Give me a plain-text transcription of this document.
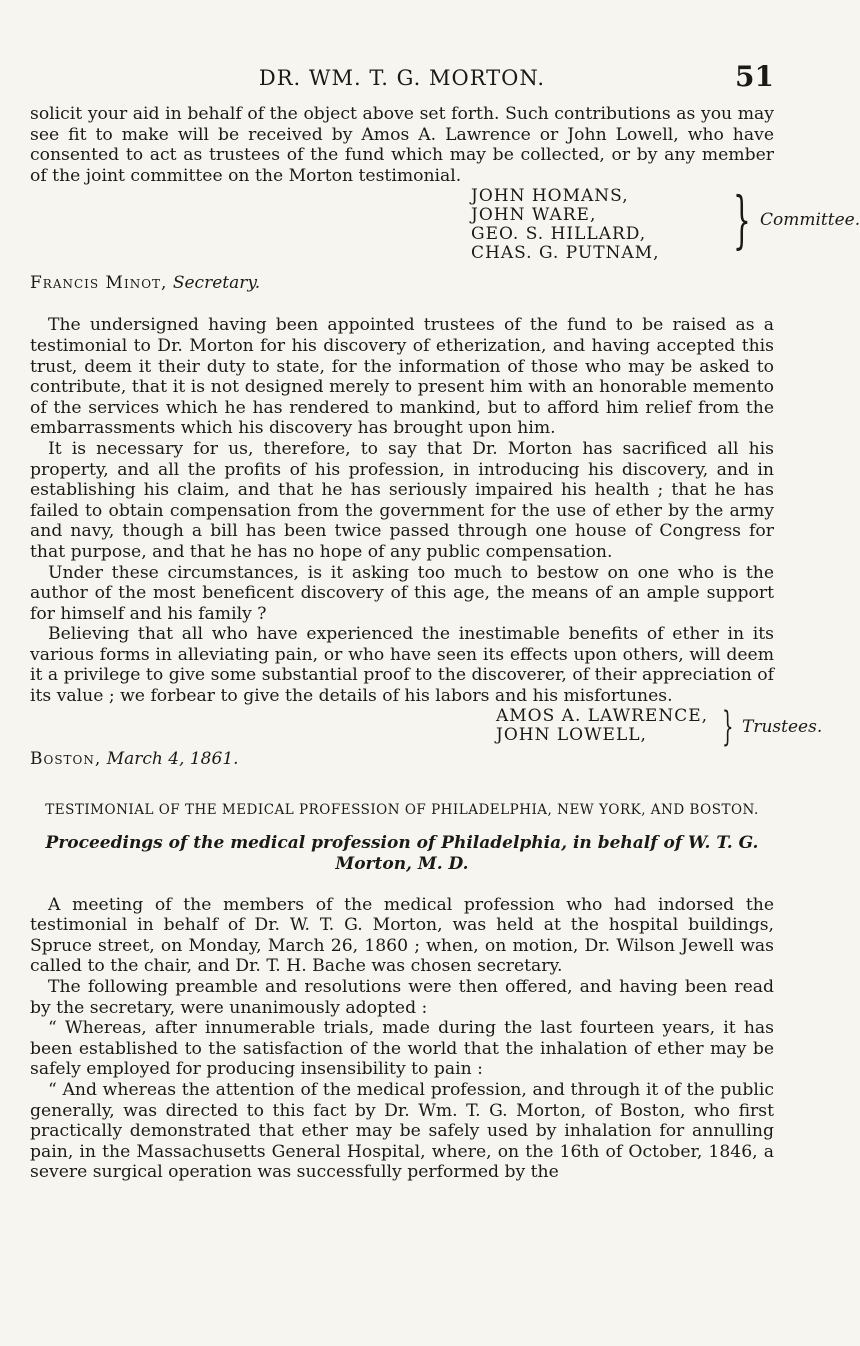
DR. WM. T. G. MORTON.	51

solicit your aid in behalf of the object above set forth. Such contributions as you may see fit to make will be received by Amos A. Lawrence or John Lowell, who have consented to act as trustees of the fund which may be collected, or by any member of the joint committee on the Morton testimonial.

JOHN HOMANS,
JOHN WARE,
GEO. S. HILLARD,
CHAS. G. PUTNAM, } Committee.
Francis Minot, Secretary.

The undersigned having been appointed trustees of the fund to be raised as a testimonial to Dr. Morton for his discovery of etherization, and having accepted this trust, deem it their duty to state, for the information of those who may be asked to contribute, that it is not designed merely to present him with an honorable memento of the services which he has rendered to mankind, but to afford him relief from the embarrassments which his discovery has brought upon him.

It is necessary for us, therefore, to say that Dr. Morton has sacrificed all his property, and all the profits of his profession, in introducing his discovery, and in establishing his claim, and that he has seriously impaired his health ; that he has failed to obtain compensation from the government for the use of ether by the army and navy, though a bill has been twice passed through one house of Congress for that purpose, and that he has no hope of any public compensation.

Under these circumstances, is it asking too much to bestow on one who is the author of the most beneficent discovery of this age, the means of an ample support for himself and his family ?

Believing that all who have experienced the inestimable benefits of ether in its various forms in alleviating pain, or who have seen its effects upon others, will deem it a privilege to give some substantial proof to the discoverer, of their appreciation of its value ; we forbear to give the details of his labors and his misfortunes.

AMOS A. LAWRENCE,
JOHN LOWELL,	} Trustees.
Boston, March 4, 1861.
TESTIMONIAL OF THE MEDICAL PROFESSION OF PHILADELPHIA, NEW YORK, AND BOSTON.
Proceedings of the medical profession of Philadelphia, in behalf of W. T. G. Morton, M. D.

A meeting of the members of the medical profession who had indorsed the testimonial in behalf of Dr. W. T. G. Morton, was held at the hospital buildings, Spruce street, on Monday, March 26, 1860 ; when, on motion, Dr. Wilson Jewell was called to the chair, and Dr. T. H. Bache was chosen secretary.

The following preamble and resolutions were then offered, and having been read by the secretary, were unanimously adopted :

“ Whereas, after innumerable trials, made during the last fourteen years, it has been established to the satisfaction of the world that the inhalation of ether may be safely employed for producing insensibility to pain :

“ And whereas the attention of the medical profession, and through it of the public generally, was directed to this fact by Dr. Wm. T. G. Morton, of Boston, who first practically demonstrated that ether may be safely used by inhalation for annulling pain, in the Massachusetts General Hospital, where, on the 16th of October, 1846, a severe surgical operation was successfully performed by the
